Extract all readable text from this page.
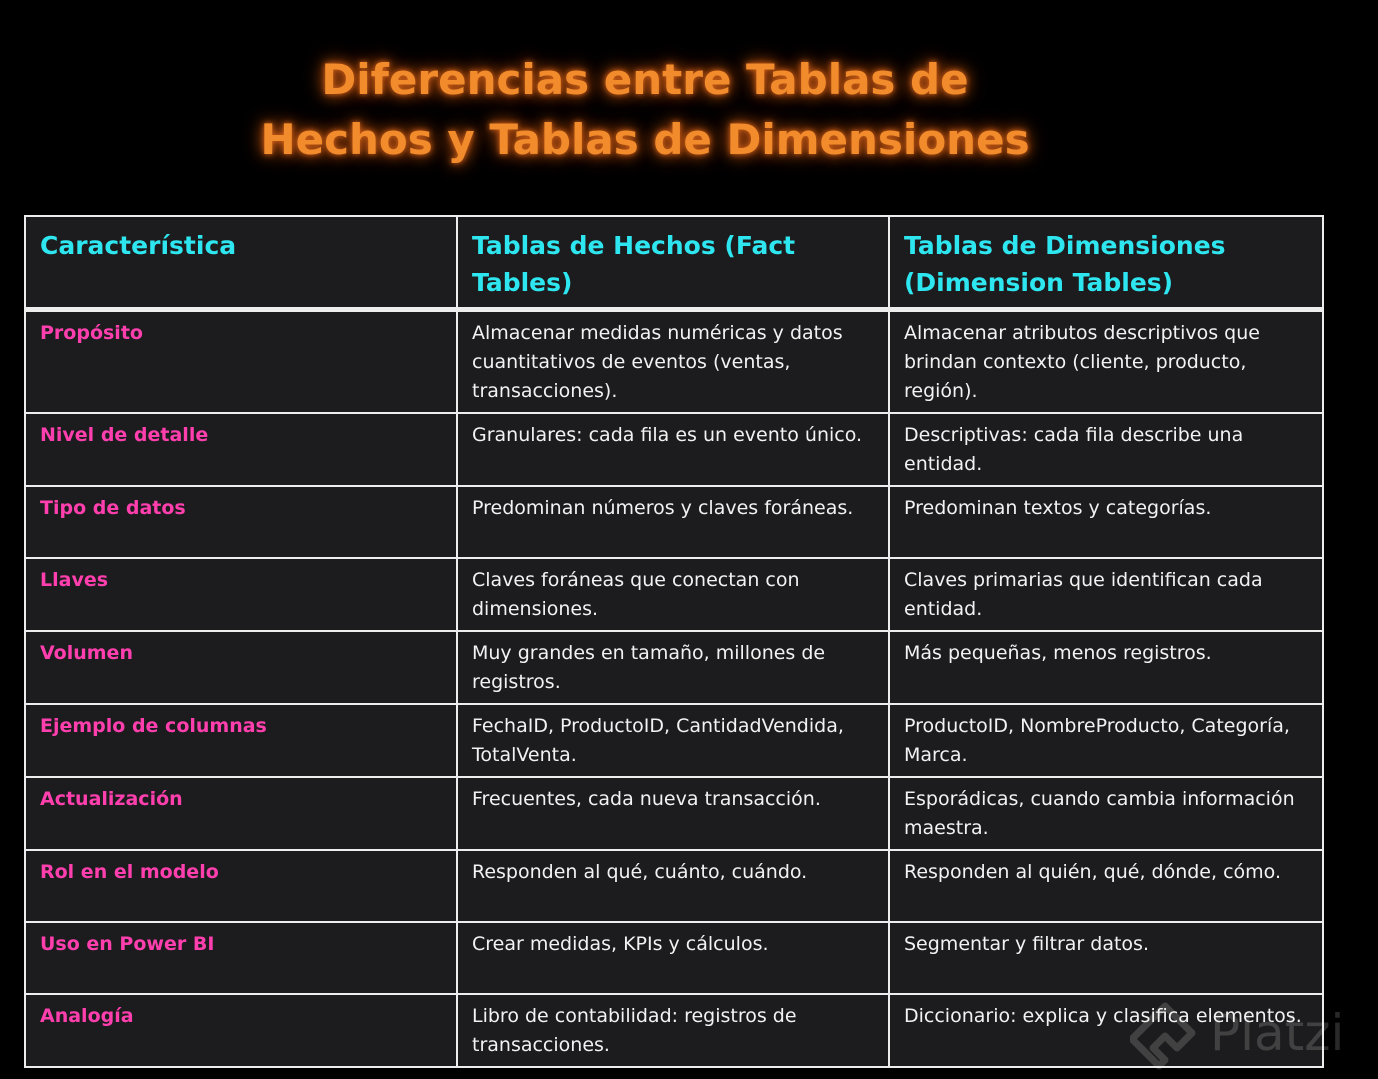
Diferencias entre Tablas de
Hechos y Tablas de Dimensiones
Característica	Tablas de Hechos (Fact Tables)	Tablas de Dimensiones (Dimension Tables)
Propósito	Almacenar medidas numéricas y datos cuantitativos de eventos (ventas, transacciones).	Almacenar atributos descriptivos que brindan contexto (cliente, producto, región).
Nivel de detalle	Granulares: cada fila es un evento único.	Descriptivas: cada fila describe una entidad.
Tipo de datos	Predominan números y claves foráneas.	Predominan textos y categorías.
Llaves	Claves foráneas que conectan con dimensiones.	Claves primarias que identifican cada entidad.
Volumen	Muy grandes en tamaño, millones de registros.	Más pequeñas, menos registros.
Ejemplo de columnas	FechaID, ProductoID, CantidadVendida, TotalVenta.	ProductoID, NombreProducto, Categoría, Marca.
Actualización	Frecuentes, cada nueva transacción.	Esporádicas, cuando cambia información maestra.
Rol en el modelo	Responden al qué, cuánto, cuándo.	Responden al quién, qué, dónde, cómo.
Uso en Power BI	Crear medidas, KPIs y cálculos.	Segmentar y filtrar datos.
Analogía	Libro de contabilidad: registros de transacciones.	Diccionario: explica y clasifica elementos.
